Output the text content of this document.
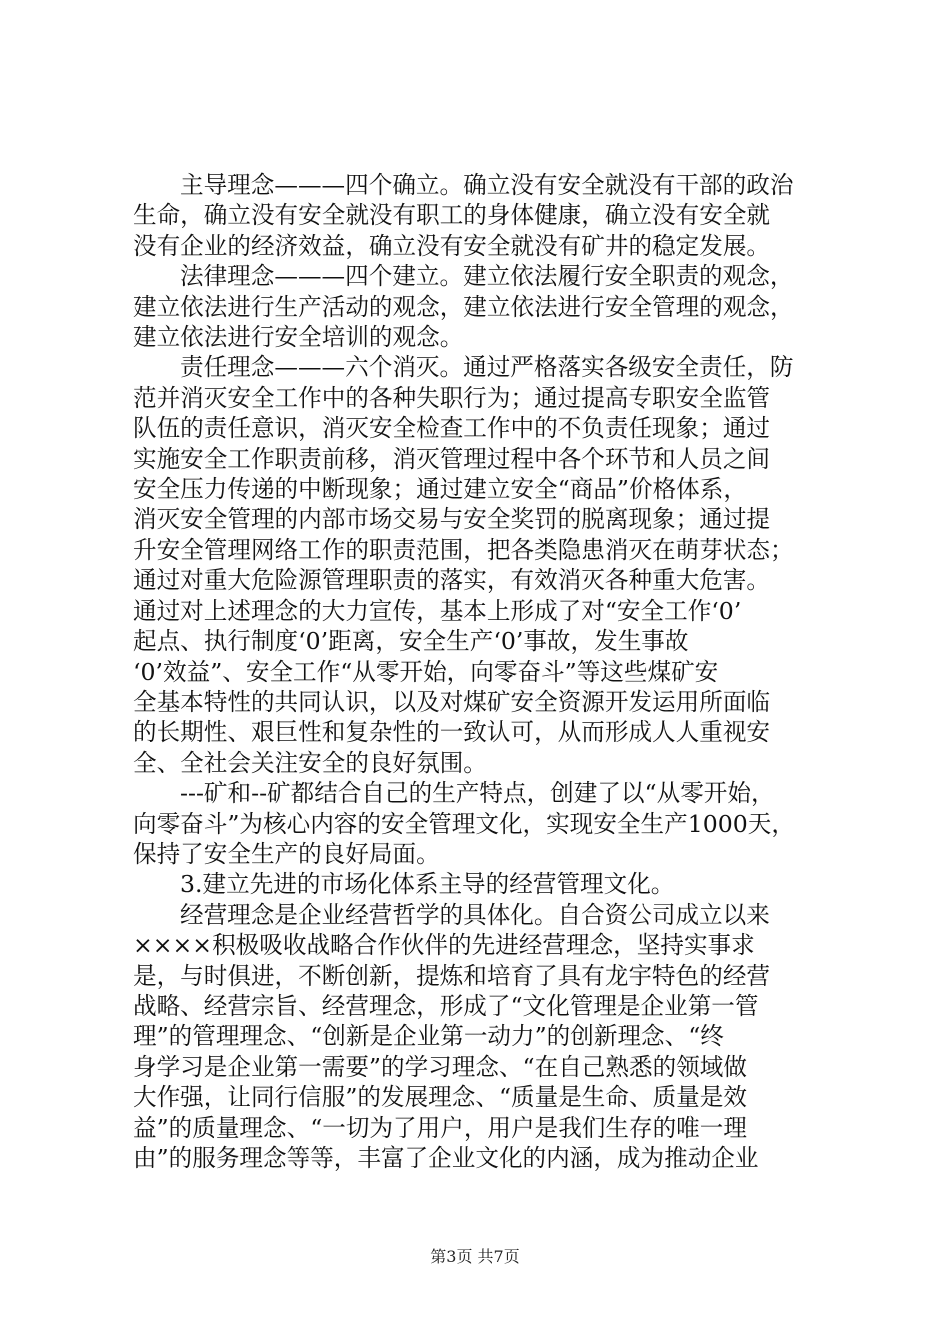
主导理念———四个确立。确立没有安全就没有干部的政治
生命，确立没有安全就没有职工的身体健康，确立没有安全就
没有企业的经济效益，确立没有安全就没有矿井的稳定发展。
法律理念———四个建立。建立依法履行安全职责的观念，
建立依法进行生产活动的观念，建立依法进行安全管理的观念，
建立依法进行安全培训的观念。
责任理念———六个消灭。通过严格落实各级安全责任，防
范并消灭安全工作中的各种失职行为；通过提高专职安全监管
队伍的责任意识，消灭安全检查工作中的不负责任现象；通过
实施安全工作职责前移，消灭管理过程中各个环节和人员之间
安全压力传递的中断现象；通过建立安全“商品”价格体系，
消灭安全管理的内部市场交易与安全奖罚的脱离现象；通过提
升安全管理网络工作的职责范围，把各类隐患消灭在萌芽状态；
通过对重大危险源管理职责的落实，有效消灭各种重大危害。
通过对上述理念的大力宣传，基本上形成了对“安全工作‘0’
起点、执行制度‘0’距离，安全生产‘0’事故，发生事故
‘0’效益”、安全工作“从零开始，向零奋斗”等这些煤矿安
全基本特性的共同认识，以及对煤矿安全资源开发运用所面临
的长期性、艰巨性和复杂性的一致认可，从而形成人人重视安
全、全社会关注安全的良好氛围。
---矿和--矿都结合自己的生产特点，创建了以“从零开始，
向零奋斗”为核心内容的安全管理文化，实现安全生产1000天，
保持了安全生产的良好局面。
3.建立先进的市场化体系主导的经营管理文化。
经营理念是企业经营哲学的具体化。自合资公司成立以来
××××积极吸收战略合作伙伴的先进经营理念，坚持实事求
是，与时俱进，不断创新，提炼和培育了具有龙宇特色的经营
战略、经营宗旨、经营理念，形成了“文化管理是企业第一管
理”的管理理念、“创新是企业第一动力”的创新理念、“终
身学习是企业第一需要”的学习理念、“在自己熟悉的领域做
大作强，让同行信服”的发展理念、“质量是生命、质量是效
益”的质量理念、“一切为了用户，用户是我们生存的唯一理
由”的服务理念等等，丰富了企业文化的内涵，成为推动企业
第3页 共7页
